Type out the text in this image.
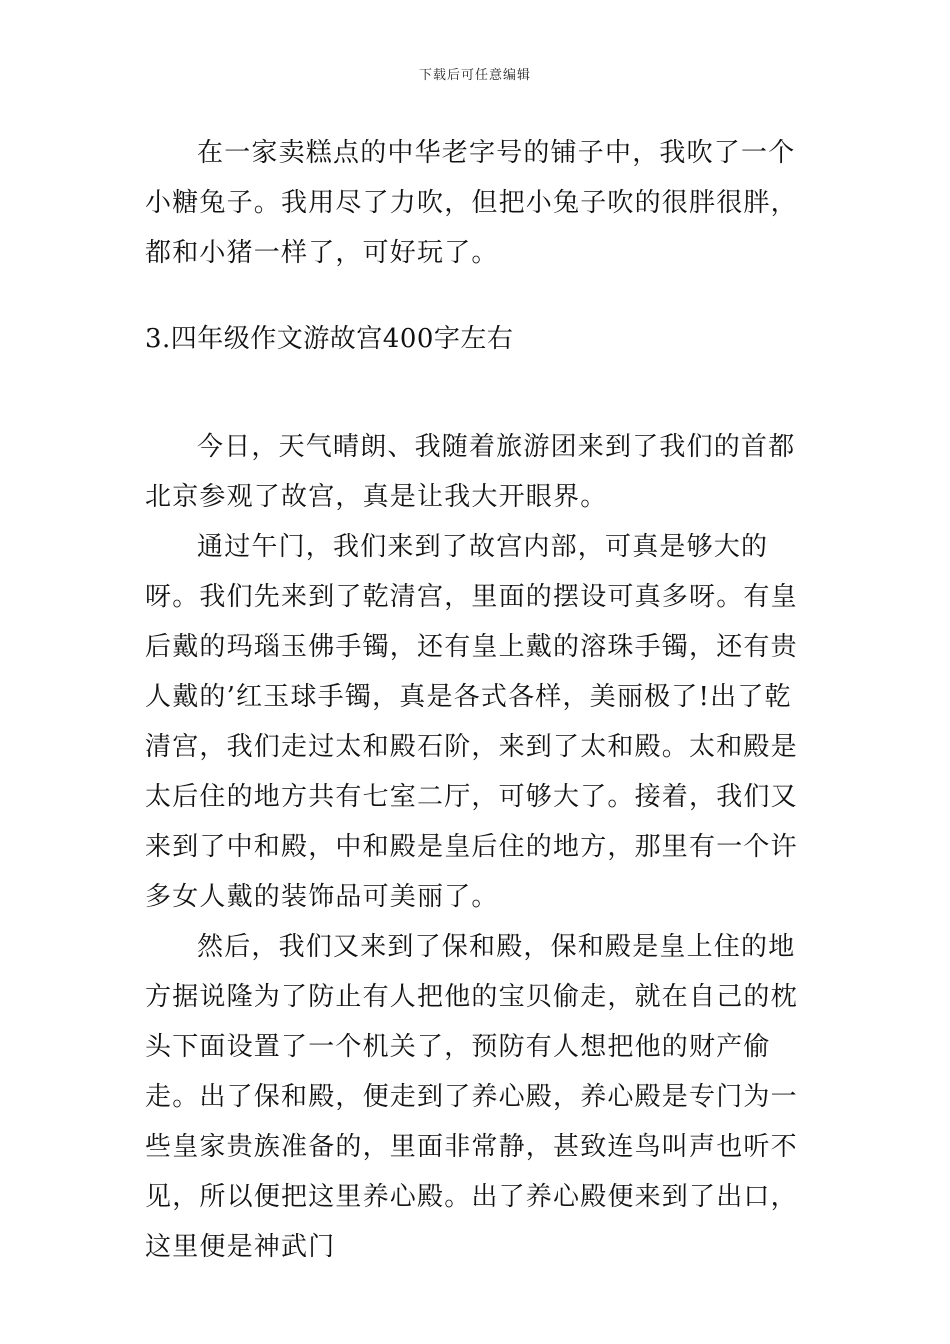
下载后可任意编辑

在一家卖糕点的中华老字号的铺子中，我吹了一个小糖兔子。我用尽了力吹，但把小兔子吹的很胖很胖，都和小猪一样了，可好玩了。

3.四年级作文游故宫400字左右

今日，天气晴朗、我随着旅游团来到了我们的首都北京参观了故宫，真是让我大开眼界。

通过午门，我们来到了故宫内部，可真是够大的呀。我们先来到了乾清宫，里面的摆设可真多呀。有皇后戴的玛瑙玉佛手镯，还有皇上戴的溶珠手镯，还有贵人戴的’红玉球手镯，真是各式各样，美丽极了!出了乾清宫，我们走过太和殿石阶，来到了太和殿。太和殿是太后住的地方共有七室二厅，可够大了。接着，我们又来到了中和殿，中和殿是皇后住的地方，那里有一个许多女人戴的装饰品可美丽了。

然后，我们又来到了保和殿，保和殿是皇上住的地方据说隆为了防止有人把他的宝贝偷走，就在自己的枕头下面设置了一个机关了，预防有人想把他的财产偷走。出了保和殿，便走到了养心殿，养心殿是专门为一些皇家贵族准备的，里面非常静，甚致连鸟叫声也听不见，所以便把这里养心殿。出了养心殿便来到了出口，这里便是神武门
